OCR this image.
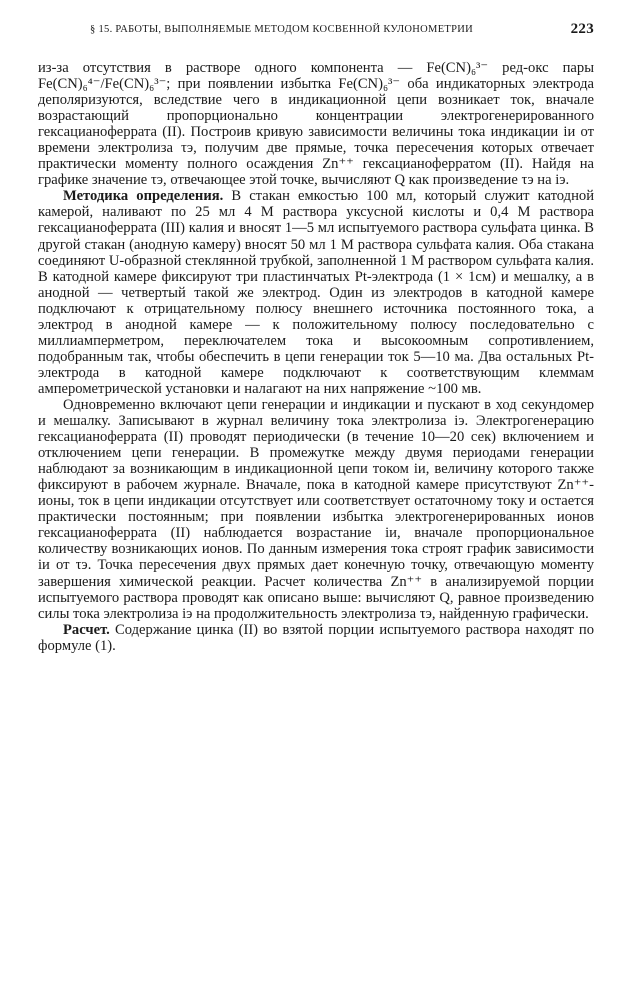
§ 15. РАБОТЫ, ВЫПОЛНЯЕМЫЕ МЕТОДОМ КОСВЕННОЙ КУЛОНОМЕТРИИ	223

из-за отсутствия в растворе одного компонента — Fe(CN)₆³⁻ ред-окс пары Fe(CN)₆⁴⁻/Fe(CN)₆³⁻; при появлении избытка Fe(CN)₆³⁻ оба индикаторных электрода деполяризуются, вследствие чего в индикационной цепи возникает ток, вначале возрастающий пропорционально концентрации электрогенерированного гексацианоферрата (II). Построив кривую зависимости величины тока индикации iи от времени электролиза τэ, получим две прямые, точка пересечения которых отвечает практически моменту полного осаждения Zn⁺⁺ гексацианоферратом (II). Найдя на графике значение τэ, отвечающее этой точке, вычисляют Q как произведение τэ на iэ.

Методика определения. В стакан емкостью 100 мл, который служит катодной камерой, наливают по 25 мл 4 М раствора уксусной кислоты и 0,4 М раствора гексацианоферрата (III) калия и вносят 1—5 мл испытуемого раствора сульфата цинка. В другой стакан (анодную камеру) вносят 50 мл 1 М раствора сульфата калия. Оба стакана соединяют U-образной стеклянной трубкой, заполненной 1 М раствором сульфата калия. В катодной камере фиксируют три пластинчатых Pt-электрода (1 × 1см) и мешалку, а в анодной — четвертый такой же электрод. Один из электродов в катодной камере подключают к отрицательному полюсу внешнего источника постоянного тока, а электрод в анодной камере — к положительному полюсу последовательно с миллиамперметром, переключателем тока и высокоомным сопротивлением, подобранным так, чтобы обеспечить в цепи генерации ток 5—10 ма. Два остальных Pt-электрода в катодной камере подключают к соответствующим клеммам амперометрической установки и налагают на них напряжение ~100 мв.

Одновременно включают цепи генерации и индикации и пускают в ход секундомер и мешалку. Записывают в журнал величину тока электролиза iэ. Электрогенерацию гексацианоферрата (II) проводят периодически (в течение 10—20 сек) включением и отключением цепи генерации. В промежутке между двумя периодами генерации наблюдают за возникающим в индикационной цепи током iи, величину которого также фиксируют в рабочем журнале. Вначале, пока в катодной камере присутствуют Zn⁺⁺-ионы, ток в цепи индикации отсутствует или соответствует остаточному току и остается практически постоянным; при появлении избытка электрогенерированных ионов гексацианоферрата (II) наблюдается возрастание iи, вначале пропорциональное количеству возникающих ионов. По данным измерения тока строят график зависимости iи от τэ. Точка пересечения двух прямых дает конечную точку, отвечающую моменту завершения химической реакции. Расчет количества Zn⁺⁺ в анализируемой порции испытуемого раствора проводят как описано выше: вычисляют Q, равное произведению силы тока электролиза iэ на продолжительность электролиза τэ, найденную графически.

Расчет. Содержание цинка (II) во взятой порции испытуемого раствора находят по формуле (1).
